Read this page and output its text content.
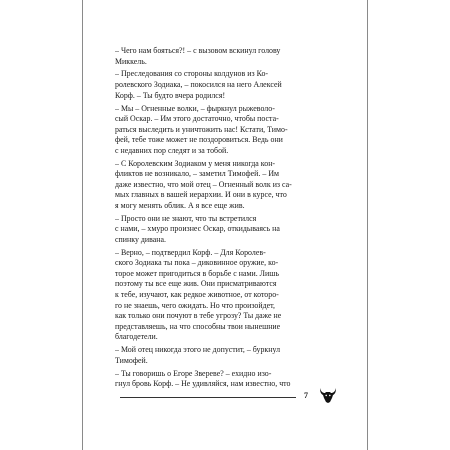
– Чего нам бояться?! – с вызовом вскинул голову
Миккель.

– Преследования со стороны колдунов из Ко-
ролевского Зодиака, – покосился на него Алексей
Корф. – Ты будто вчера родился!

– Мы – Огненные волки, – фыркнул рыжеволо-
сый Оскар. – Им этого достаточно, чтобы поста-
раться выследить и уничтожить нас! Кстати, Тимо-
фей, тебе тоже может не поздоровиться. Ведь они
с недавних пор следят и за тобой.

– С Королевским Зодиаком у меня никогда кон-
фликтов не возникало, – заметил Тимофей. – Им
даже известно, что мой отец – Огненный волк из са-
мых главных в вашей иерархии. И они в курсе, что
я могу менять облик. А я все еще жив.

– Просто они не знают, что ты встретился
с нами, – хмуро произнес Оскар, откидываясь на
спинку дивана.

– Верно, – подтвердил Корф. – Для Королев-
ского Зодиака ты пока – диковинное оружие, ко-
торое может пригодиться в борьбе с нами. Лишь
поэтому ты все еще жив. Они присматриваются
к тебе, изучают, как редкое животное, от которо-
го не знаешь, чего ожидать. Но что произойдет,
как только они почуют в тебе угрозу? Ты даже не
представляешь, на что способны твои нынешние
благодетели.

– Мой отец никогда этого не допустит, – буркнул
Тимофей.

– Ты говоришь о Егоре Звереве? – ехидно изо-
гнул бровь Корф. – Не удивляйся, нам известно, что

7
